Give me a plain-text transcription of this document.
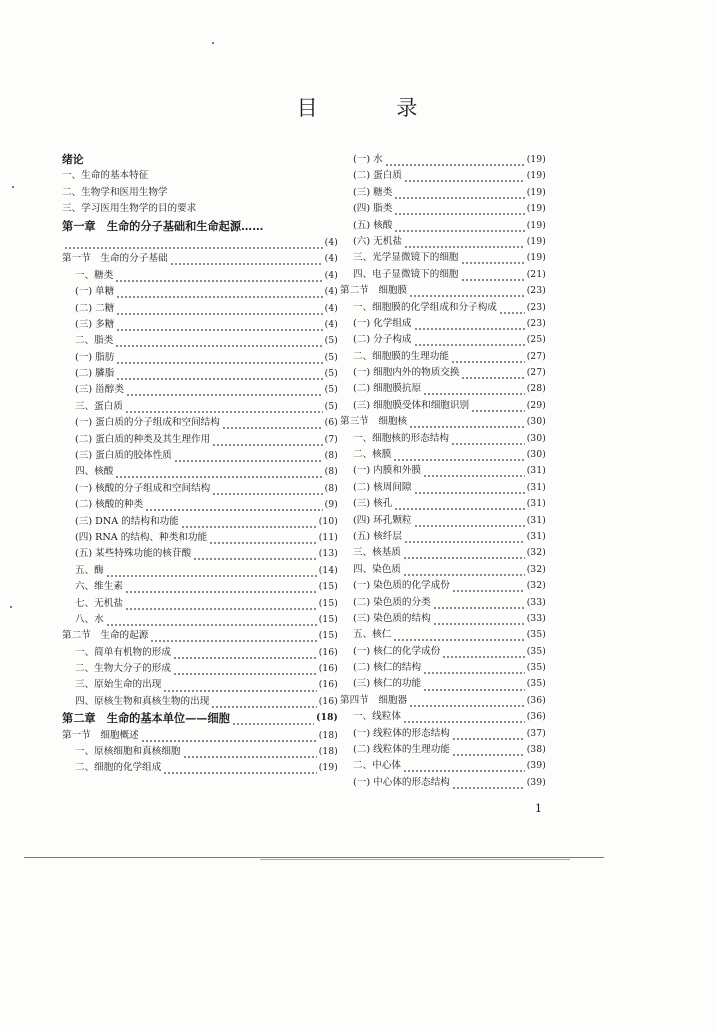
目 录
绪论
一、生命的基本特征
二、生物学和医用生物学
三、学习医用生物学的目的要求
第一章　生命的分子基础和生命起源……
(4)
第一节　生命的分子基础	(4)
一、糖类	(4)
(一) 单糖	(4)
(二) 二糖	(4)
(三) 多糖	(4)
二、脂类	(5)
(一) 脂肪	(5)
(二) 膦脂	(5)
(三) 甾醇类	(5)
三、蛋白质	(5)
(一) 蛋白质的分子组成和空间结构	(6)
(二) 蛋白质的种类及其生理作用	(7)
(三) 蛋白质的胶体性质	(8)
四、核酸	(8)
(一) 核酸的分子组成和空间结构	(8)
(二) 核酸的种类	(9)
(三) DNA 的结构和功能	(10)
(四) RNA 的结构、种类和功能	(11)
(五) 某些特殊功能的核苷酸	(13)
五、酶	(14)
六、维生素	(15)
七、无机盐	(15)
八、水	(15)
第二节　生命的起源	(15)
一、简单有机物的形成	(16)
二、生物大分子的形成	(16)
三、原始生命的出现	(16)
四、原核生物和真核生物的出现	(16)
第二章　生命的基本单位——细胞	(18)
第一节　细胞概述	(18)
一、原核细胞和真核细胞	(18)
二、细胞的化学组成	(19)
(一) 水	(19)
(二) 蛋白质	(19)
(三) 糖类	(19)
(四) 脂类	(19)
(五) 核酸	(19)
(六) 无机盐	(19)
三、光学显微镜下的细胞	(19)
四、电子显微镜下的细胞	(21)
第二节　细胞膜	(23)
一、细胞膜的化学组成和分子构成	(23)
(一) 化学组成	(23)
(二) 分子构成	(25)
二、细胞膜的生理功能	(27)
(一) 细胞内外的物质交换	(27)
(二) 细胞膜抗原	(28)
(三) 细胞膜受体和细胞识别	(29)
第三节　细胞核	(30)
一、细胞核的形态结构	(30)
二、核膜	(30)
(一) 内膜和外膜	(31)
(二) 核周间隙	(31)
(三) 核孔	(31)
(四) 环孔颗粒	(31)
(五) 核纤层	(31)
三、核基质	(32)
四、染色质	(32)
(一) 染色质的化学成份	(32)
(二) 染色质的分类	(33)
(三) 染色质的结构	(33)
五、核仁	(35)
(一) 核仁的化学成份	(35)
(二) 核仁的结构	(35)
(三) 核仁的功能	(35)
第四节　细胞器	(36)
一、线粒体	(36)
(一) 线粒体的形态结构	(37)
(二) 线粒体的生理功能	(38)
二、中心体	(39)
(一) 中心体的形态结构	(39)
1
